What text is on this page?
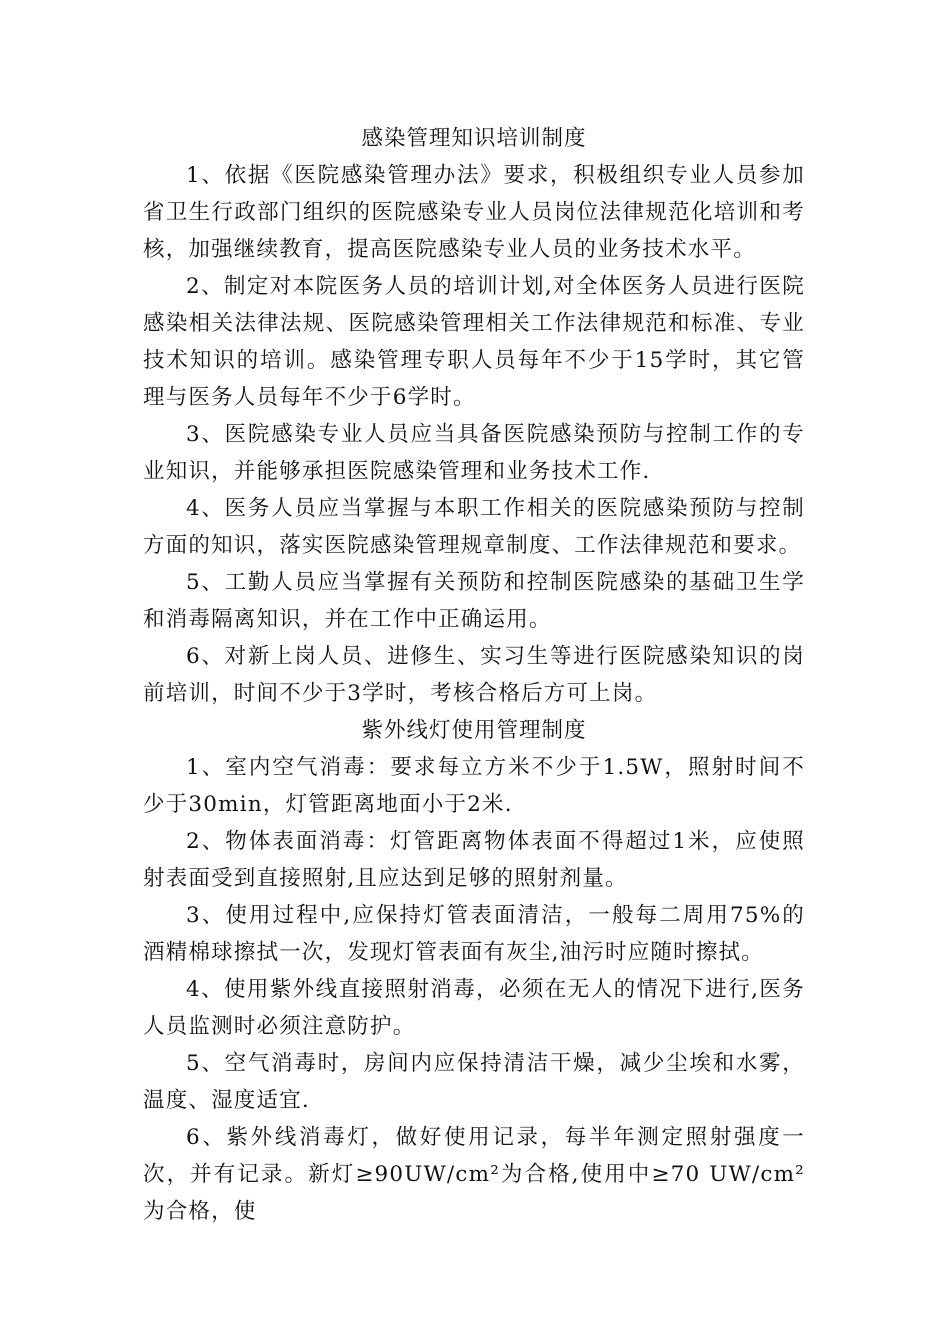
感染管理知识培训制度

1、依据《医院感染管理办法》要求，积极组织专业人员参加省卫生行政部门组织的医院感染专业人员岗位法律规范化培训和考核，加强继续教育，提高医院感染专业人员的业务技术水平。

2、制定对本院医务人员的培训计划,对全体医务人员进行医院感染相关法律法规、医院感染管理相关工作法律规范和标准、专业技术知识的培训。感染管理专职人员每年不少于15学时，其它管理与医务人员每年不少于6学时。

3、医院感染专业人员应当具备医院感染预防与控制工作的专业知识，并能够承担医院感染管理和业务技术工作.

4、医务人员应当掌握与本职工作相关的医院感染预防与控制方面的知识，落实医院感染管理规章制度、工作法律规范和要求。

5、工勤人员应当掌握有关预防和控制医院感染的基础卫生学和消毒隔离知识，并在工作中正确运用。

6、对新上岗人员、进修生、实习生等进行医院感染知识的岗前培训，时间不少于3学时，考核合格后方可上岗。

紫外线灯使用管理制度

1、室内空气消毒：要求每立方米不少于1.5W，照射时间不少于30min，灯管距离地面小于2米.

2、物体表面消毒：灯管距离物体表面不得超过1米，应使照射表面受到直接照射,且应达到足够的照射剂量。

3、使用过程中,应保持灯管表面清洁，一般每二周用75%的酒精棉球擦拭一次，发现灯管表面有灰尘,油污时应随时擦拭。

4、使用紫外线直接照射消毒，必须在无人的情况下进行,医务人员监测时必须注意防护。

5、空气消毒时，房间内应保持清洁干燥，减少尘埃和水雾，温度、湿度适宜.

6、紫外线消毒灯，做好使用记录，每半年测定照射强度一次，并有记录。新灯≥90UW/cm²为合格,使用中≥70 UW/cm²为合格，使
